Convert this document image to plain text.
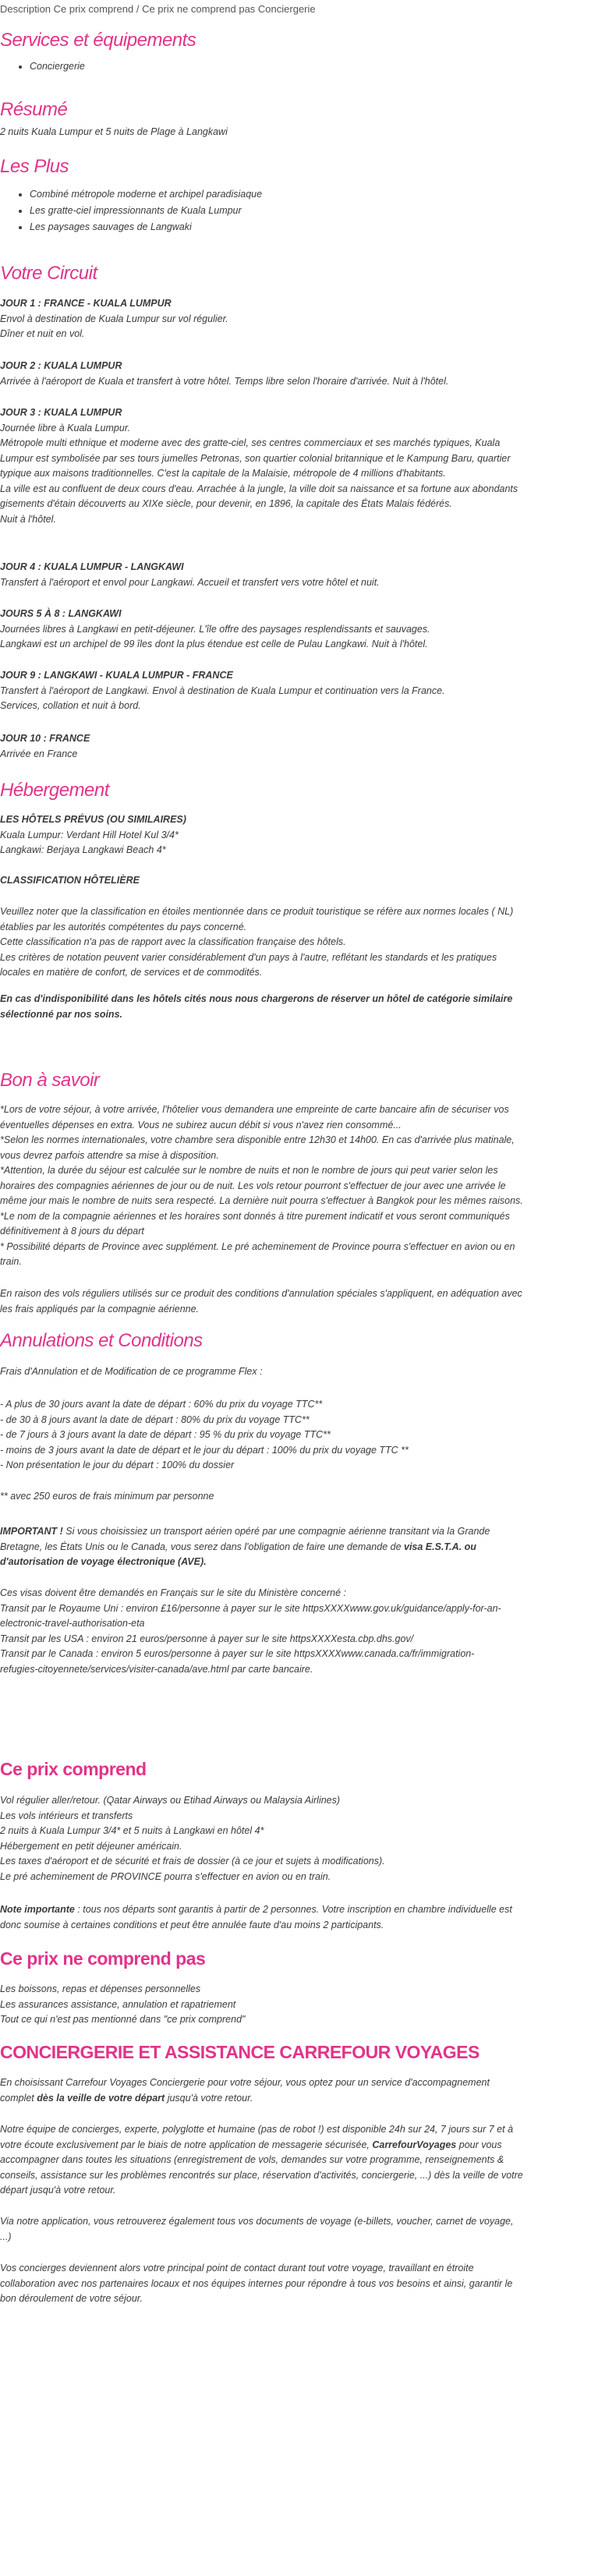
Description Ce prix comprend / Ce prix ne comprend pas Conciergerie
Services et équipements
• Conciergerie
Résumé
2 nuits Kuala Lumpur et 5 nuits de Plage à Langkawi
Les Plus
• Combiné métropole moderne et archipel paradisiaque
• Les gratte-ciel impressionnants de Kuala Lumpur
• Les paysages sauvages de Langwaki
Votre Circuit

JOUR 1 : FRANCE - KUALA LUMPUR

Envol à destination de Kuala Lumpur sur vol régulier.

Dîner et nuit en vol.

JOUR 2 : KUALA LUMPUR

Arrivée à l'aéroport de Kuala et transfert à votre hôtel. Temps libre selon l'horaire d'arrivée. Nuit à l'hôtel.

JOUR 3 : KUALA LUMPUR

Journée libre à Kuala Lumpur.

Métropole multi ethnique et moderne avec des gratte-ciel, ses centres commerciaux et ses marchés typiques, Kuala

Lumpur est symbolisée par ses tours jumelles Petronas, son quartier colonial britannique et le Kampung Baru, quartier

typique aux maisons traditionnelles. C'est la capitale de la Malaisie, métropole de 4 millions d'habitants.

La ville est au confluent de deux cours d'eau. Arrachée à la jungle, la ville doit sa naissance et sa fortune aux abondants

gisements d'étain découverts au XIXe siècle, pour devenir, en 1896, la capitale des États Malais fédérés.

Nuit à l'hôtel.

JOUR 4 : KUALA LUMPUR - LANGKAWI

Transfert à l'aéroport et envol pour Langkawi. Accueil et transfert vers votre hôtel et nuit.

JOURS 5 À 8 : LANGKAWI

Journées libres à Langkawi en petit-déjeuner. L'île offre des paysages resplendissants et sauvages.

Langkawi est un archipel de 99 îles dont la plus étendue est celle de Pulau Langkawi. Nuit à l'hôtel.

JOUR 9 : LANGKAWI - KUALA LUMPUR - FRANCE

Transfert à l'aéroport de Langkawi. Envol à destination de Kuala Lumpur et continuation vers la France.

Services, collation et nuit à bord.

JOUR 10 : FRANCE

Arrivée en France

Hébergement

LES HÔTELS PRÉVUS (OU SIMILAIRES)

Kuala Lumpur: Verdant Hill Hotel Kul 3/4*

Langkawi: Berjaya Langkawi Beach 4*

CLASSIFICATION HÔTELIÈRE

Veuillez noter que la classification en étoiles mentionnée dans ce produit touristique se réfère aux normes locales ( NL)

établies par les autorités compétentes du pays concerné.

Cette classification n'a pas de rapport avec la classification française des hôtels.

Les critères de notation peuvent varier considérablement d'un pays à l'autre, reflétant les standards et les pratiques

locales en matière de confort, de services et de commodités.

En cas d'indisponibilité dans les hôtels cités nous nous chargerons de réserver un hôtel de catégorie similaire

sélectionné par nos soins.

Bon à savoir

*Lors de votre séjour, à votre arrivée, l'hôtelier vous demandera une empreinte de carte bancaire afin de sécuriser vos

éventuelles dépenses en extra. Vous ne subirez aucun débit si vous n'avez rien consommé...

*Selon les normes internationales, votre chambre sera disponible entre 12h30 et 14h00. En cas d'arrivée plus matinale,

vous devrez parfois attendre sa mise à disposition.

*Attention, la durée du séjour est calculée sur le nombre de nuits et non le nombre de jours qui peut varier selon les

horaires des compagnies aériennes de jour ou de nuit. Les vols retour pourront s'effectuer de jour avec une arrivée le

même jour mais le nombre de nuits sera respecté. La dernière nuit pourra s'effectuer à Bangkok pour les mêmes raisons.

*Le nom de la compagnie aériennes et les horaires sont donnés à titre purement indicatif et vous seront communiqués

définitivement à 8 jours du départ

* Possibilité départs de Province avec supplément. Le pré acheminement de Province pourra s'effectuer en avion ou en

train.

En raison des vols réguliers utilisés sur ce produit des conditions d'annulation spéciales s'appliquent, en adéquation avec

les frais appliqués par la compagnie aérienne.

Annulations et Conditions
Frais d'Annulation et de Modification de ce programme Flex :

- A plus de 30 jours avant la date de départ : 60% du prix du voyage TTC**

- de 30 à 8 jours avant la date de départ : 80% du prix du voyage TTC**

- de 7 jours à 3 jours avant la date de départ : 95 % du prix du voyage TTC**

- moins de 3 jours avant la date de départ et le jour du départ : 100% du prix du voyage TTC **

- Non présentation le jour du départ : 100% du dossier

** avec 250 euros de frais minimum par personne

IMPORTANT ! Si vous choisissiez un transport aérien opéré par une compagnie aérienne transitant via la Grande

Bretagne, les États Unis ou le Canada, vous serez dans l'obligation de faire une demande de visa E.S.T.A. ou

d'autorisation de voyage électronique (AVE).

Ces visas doivent être demandés en Français sur le site du Ministère concerné :

Transit par le Royaume Uni : environ £16/personne à payer sur le site httpsXXXXwww.gov.uk/guidance/apply-for-an-

electronic-travel-authorisation-eta

Transit par les USA : environ 21 euros/personne à payer sur le site httpsXXXXesta.cbp.dhs.gov/

Transit par le Canada : environ 5 euros/personne à payer sur le site httpsXXXXwww.canada.ca/fr/immigration-

refugies-citoyennete/services/visiter-canada/ave.html par carte bancaire.

Ce prix comprend

Vol régulier aller/retour. (Qatar Airways ou Etihad Airways ou Malaysia Airlines)

Les vols intérieurs et transferts

2 nuits à Kuala Lumpur 3/4* et 5 nuits à Langkawi en hôtel 4*

Hébergement en petit déjeuner américain.

Les taxes d'aéroport et de sécurité et frais de dossier (à ce jour et sujets à modifications).

Le pré acheminement de PROVINCE pourra s'effectuer en avion ou en train.

Note importante : tous nos départs sont garantis à partir de 2 personnes. Votre inscription en chambre individuelle est

donc soumise à certaines conditions et peut être annulée faute d'au moins 2 participants.

Ce prix ne comprend pas

Les boissons, repas et dépenses personnelles

Les assurances assistance, annulation et rapatriement

Tout ce qui n'est pas mentionné dans "ce prix comprend"

CONCIERGERIE ET ASSISTANCE CARREFOUR VOYAGES

En choisissant Carrefour Voyages Conciergerie pour votre séjour, vous optez pour un service d'accompagnement

complet dès la veille de votre départ jusqu'à votre retour.

Notre équipe de concierges, experte, polyglotte et humaine (pas de robot !) est disponible 24h sur 24, 7 jours sur 7 et à

votre écoute exclusivement par le biais de notre application de messagerie sécurisée, CarrefourVoyages pour vous

accompagner dans toutes les situations (enregistrement de vols, demandes sur votre programme, renseignements &

conseils, assistance sur les problèmes rencontrés sur place, réservation d'activités, conciergerie, ...) dès la veille de votre

départ jusqu'à votre retour.

Via notre application, vous retrouverez également tous vos documents de voyage (e-billets, voucher, carnet de voyage,

...)

Vos concierges deviennent alors votre principal point de contact durant tout votre voyage, travaillant en étroite

collaboration avec nos partenaires locaux et nos équipes internes pour répondre à tous vos besoins et ainsi, garantir le

bon déroulement de votre séjour.
